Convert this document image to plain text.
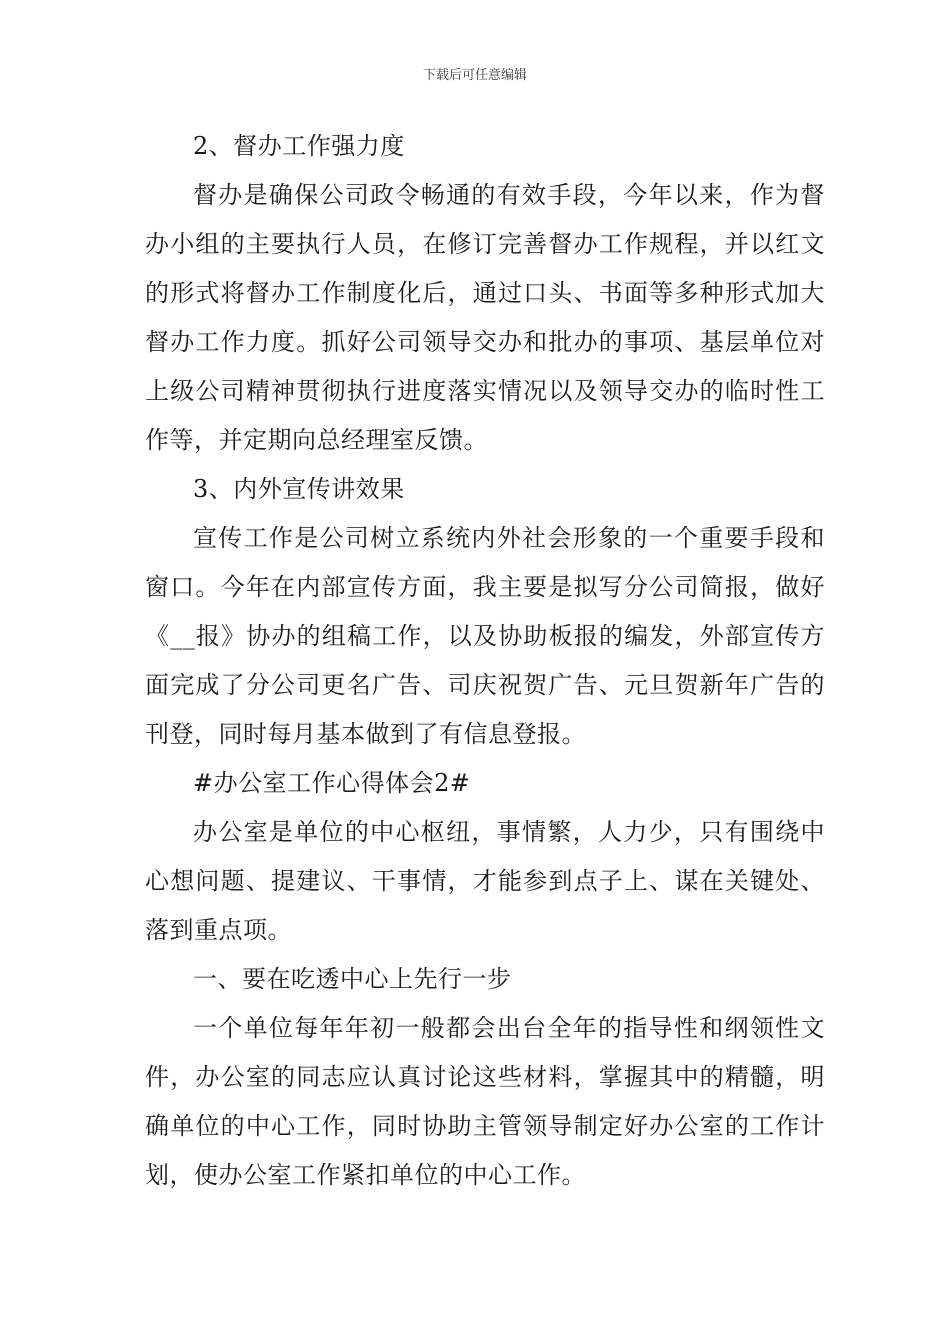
下载后可任意编辑

2、督办工作强力度

督办是确保公司政令畅通的有效手段，今年以来，作为督办小组的主要执行人员，在修订完善督办工作规程，并以红文的形式将督办工作制度化后，通过口头、书面等多种形式加大督办工作力度。抓好公司领导交办和批办的事项、基层单位对上级公司精神贯彻执行进度落实情况以及领导交办的临时性工作等，并定期向总经理室反馈。

3、内外宣传讲效果

宣传工作是公司树立系统内外社会形象的一个重要手段和窗口。今年在内部宣传方面，我主要是拟写分公司简报，做好《__报》协办的组稿工作，以及协助板报的编发，外部宣传方面完成了分公司更名广告、司庆祝贺广告、元旦贺新年广告的刊登，同时每月基本做到了有信息登报。

#办公室工作心得体会2#

办公室是单位的中心枢纽，事情繁，人力少，只有围绕中心想问题、提建议、干事情，才能参到点子上、谋在关键处、落到重点项。

一、要在吃透中心上先行一步

一个单位每年年初一般都会出台全年的指导性和纲领性文件，办公室的同志应认真讨论这些材料，掌握其中的精髓，明确单位的中心工作，同时协助主管领导制定好办公室的工作计划，使办公室工作紧扣单位的中心工作。
